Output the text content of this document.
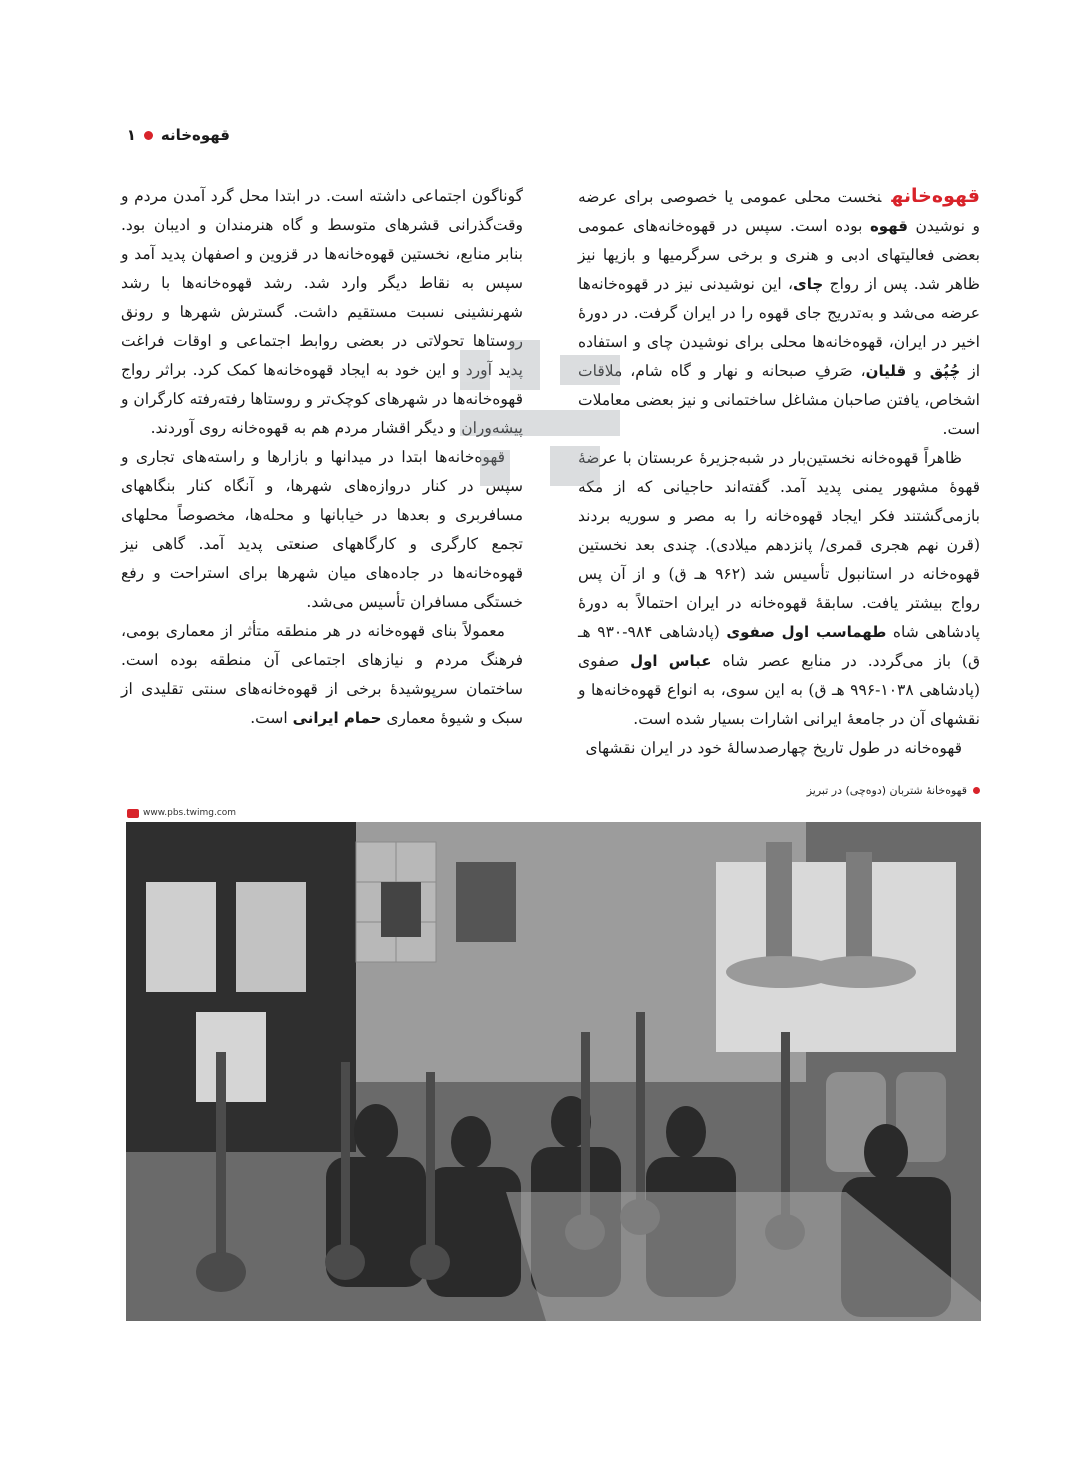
قهوه‌خانه
۱

قهوه‌خانهنخست محلی عمومی یا خصوصی برای عرضه و نوشیدن قهوه بوده است. سپس در قهوه‌خانه‌های عمومی بعضی فعالیتهای ادبی و هنری و برخی سرگرمیها و بازیها نیز ظاهر شد. پس از رواج چای، این نوشیدنی نیز در قهوه‌خانه‌ها عرضه می‌شد و به‌تدریج جای قهوه را در ایران گرفت. در دورهٔ اخیر در ایران، قهوه‌خانه‌ها محلی برای نوشیدن چای و استفاده از چُپُق و قلیان، صَرفِ صبحانه و نهار و گاه شام، ملاقات اشخاص، یافتن صاحبان مشاغل ساختمانی و نیز بعضی معاملات است.

ظاهراً قهوه‌خانه نخستین‌بار در شبه‌جزیرهٔ عربستان با عرضهٔ قهوهٔ مشهور یمنی پدید آمد. گفته‌اند حاجیانی که از مکه بازمی‌گشتند فکر ایجاد قهوه‌خانه را به مصر و سوریه بردند (قرن نهم هجری قمری/ پانزدهم میلادی). چندی بعد نخستین قهوه‌خانه در استانبول تأسیس شد (۹۶۲ هـ ق) و از آن پس رواج بیشتر یافت. سابقهٔ قهوه‌خانه در ایران احتمالاً به دورهٔ پادشاهی شاه طهماسب اول صفوی (پادشاهی ۹۸۴-۹۳۰ هـ ق) باز می‌گردد. در منابع عصر شاه عباس اول صفوی (پادشاهی ۱۰۳۸-۹۹۶ هـ ق) به این سوی، به انواع قهوه‌خانه‌ها و نقشهای آن در جامعهٔ ایرانی اشارات بسیار شده است.

قهوه‌خانه در طول تاریخ چهارصدسالهٔ خود در ایران نقشهای

گوناگون اجتماعی داشته است. در ابتدا محل گرد آمدن مردم و وقت‌گذرانی قشرهای متوسط و گاه هنرمندان و ادیبان بود. بنابر منابع، نخستین قهوه‌خانه‌ها در قزوین و اصفهان پدید آمد و سپس به نقاط دیگر وارد شد. رشد قهوه‌خانه‌ها با رشد شهرنشینی نسبت مستقیم داشت. گسترش شهرها و رونق روستاها تحولاتی در بعضی روابط اجتماعی و اوقات فراغت پدید آورد و این خود به ایجاد قهوه‌خانه‌ها کمک کرد. براثر رواج قهوه‌خانه‌ها در شهرهای کوچک‌تر و روستاها رفته‌رفته کارگران و پیشه‌وران و دیگر اقشار مردم هم به قهوه‌خانه روی آوردند.

قهوه‌خانه‌ها ابتدا در میدانها و بازارها و راسته‌های تجاری و سپس در کنار دروازه‌های شهرها، و آنگاه کنار بنگاههای مسافربری و بعدها در خیابانها و محله‌ها، مخصوصاً محلهای تجمع کارگری و کارگاههای صنعتی پدید آمد. گاهی نیز قهوه‌خانه‌ها در جاده‌های میان شهرها برای استراحت و رفع خستگی مسافران تأسیس می‌شد.

معمولاً بنای قهوه‌خانه در هر منطقه متأثر از معماری بومی، فرهنگ مردم و نیازهای اجتماعی آن منطقه بوده است. ساختمان سرپوشیدهٔ برخی از قهوه‌خانه‌های سنتی تقلیدی از سبک و شیوهٔ معماری حمام ایرانی است.

قهوه‌خانهٔ شتربان (دوه‌چی) در تبریز
www.pbs.twimg.com
